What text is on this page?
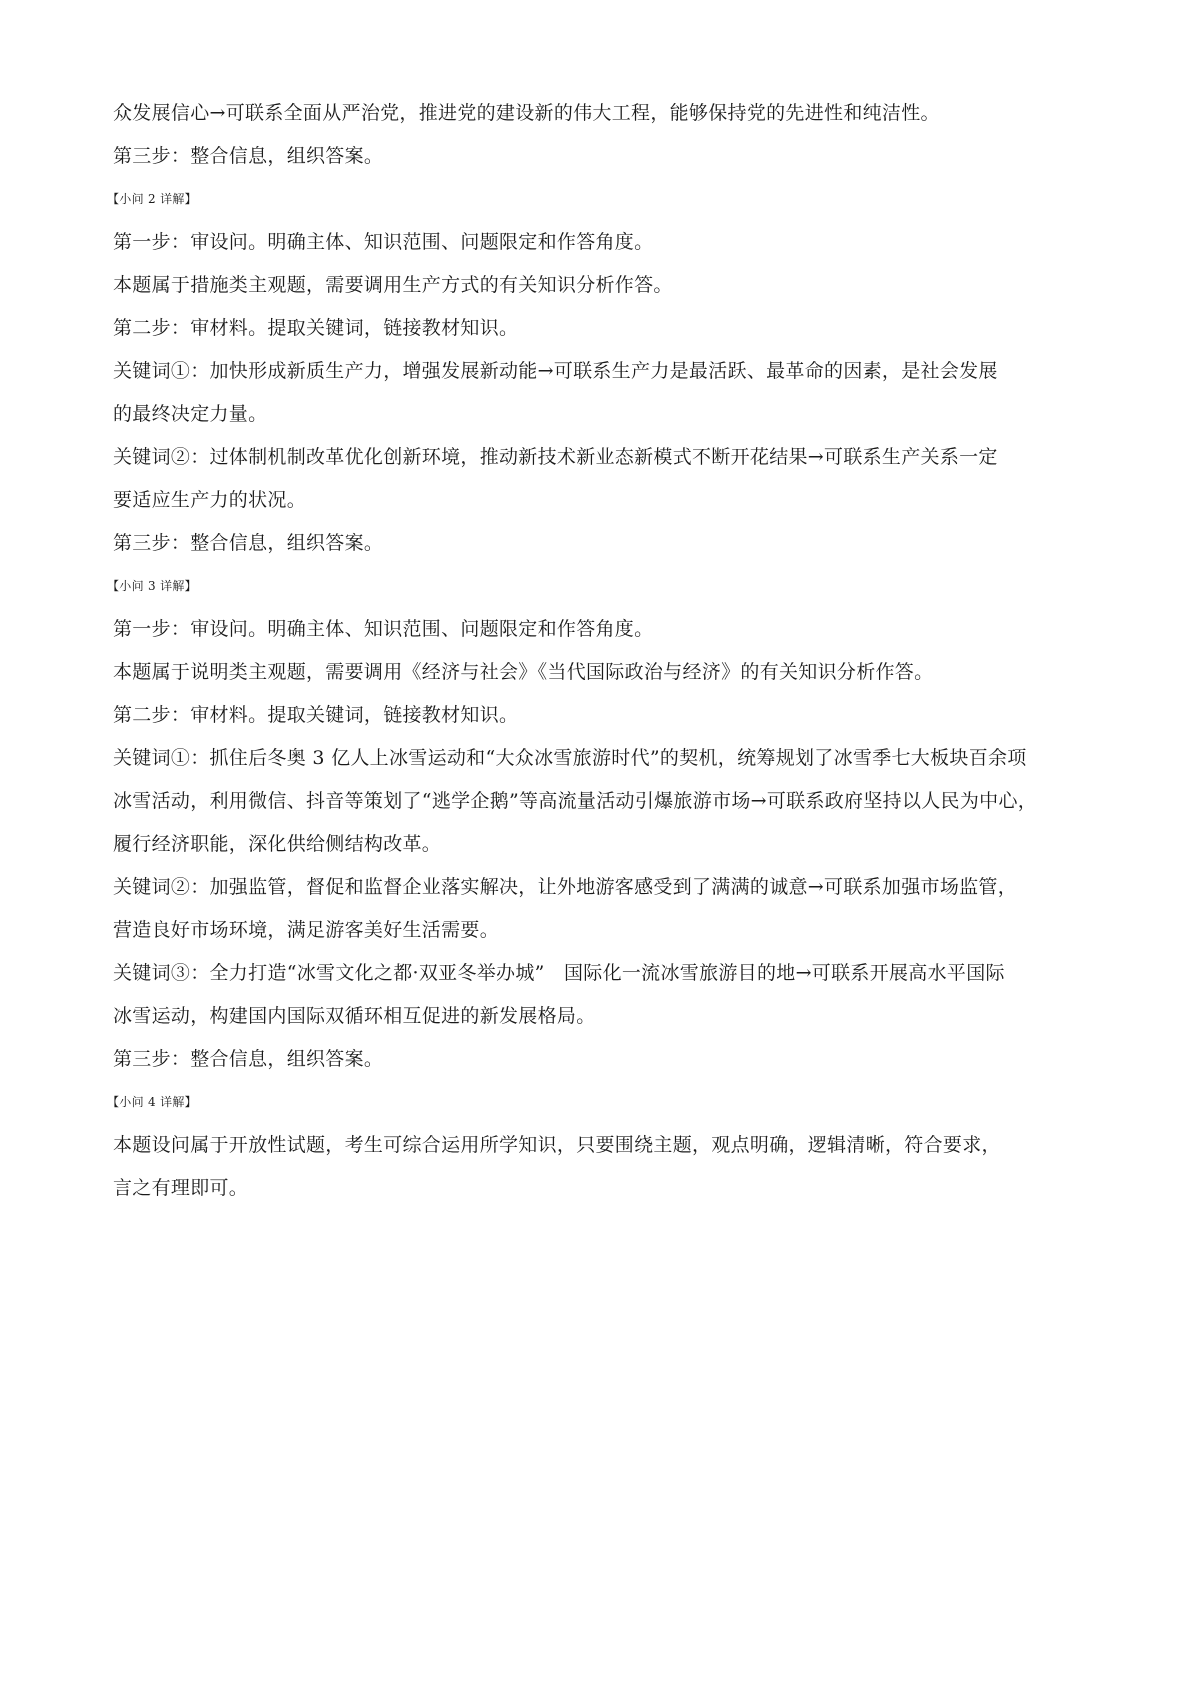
众发展信心→可联系全面从严治党，推进党的建设新的伟大工程，能够保持党的先进性和纯洁性。
第三步：整合信息，组织答案。
【小问 2 详解】
第一步：审设问。明确主体、知识范围、问题限定和作答角度。
本题属于措施类主观题，需要调用生产方式的有关知识分析作答。
第二步：审材料。提取关键词，链接教材知识。
关键词①：加快形成新质生产力，增强发展新动能→可联系生产力是最活跃、最革命的因素，是社会发展
的最终决定力量。
关键词②：过体制机制改革优化创新环境，推动新技术新业态新模式不断开花结果→可联系生产关系一定
要适应生产力的状况。
第三步：整合信息，组织答案。
【小问 3 详解】
第一步：审设问。明确主体、知识范围、问题限定和作答角度。
本题属于说明类主观题，需要调用《经济与社会》《当代国际政治与经济》的有关知识分析作答。
第二步：审材料。提取关键词，链接教材知识。
关键词①：抓住后冬奥 3 亿人上冰雪运动和“大众冰雪旅游时代”的契机，统筹规划了冰雪季七大板块百余项
冰雪活动，利用微信、抖音等策划了“逃学企鹅”等高流量活动引爆旅游市场→可联系政府坚持以人民为中心，
履行经济职能，深化供给侧结构改革。
关键词②：加强监管，督促和监督企业落实解决，让外地游客感受到了满满的诚意→可联系加强市场监管，
营造良好市场环境，满足游客美好生活需要。
关键词③：全力打造“冰雪文化之都·双亚冬举办城”　国际化一流冰雪旅游目的地→可联系开展高水平国际
冰雪运动，构建国内国际双循环相互促进的新发展格局。
第三步：整合信息，组织答案。
【小问 4 详解】
本题设问属于开放性试题，考生可综合运用所学知识，只要围绕主题，观点明确，逻辑清晰，符合要求，
言之有理即可。
